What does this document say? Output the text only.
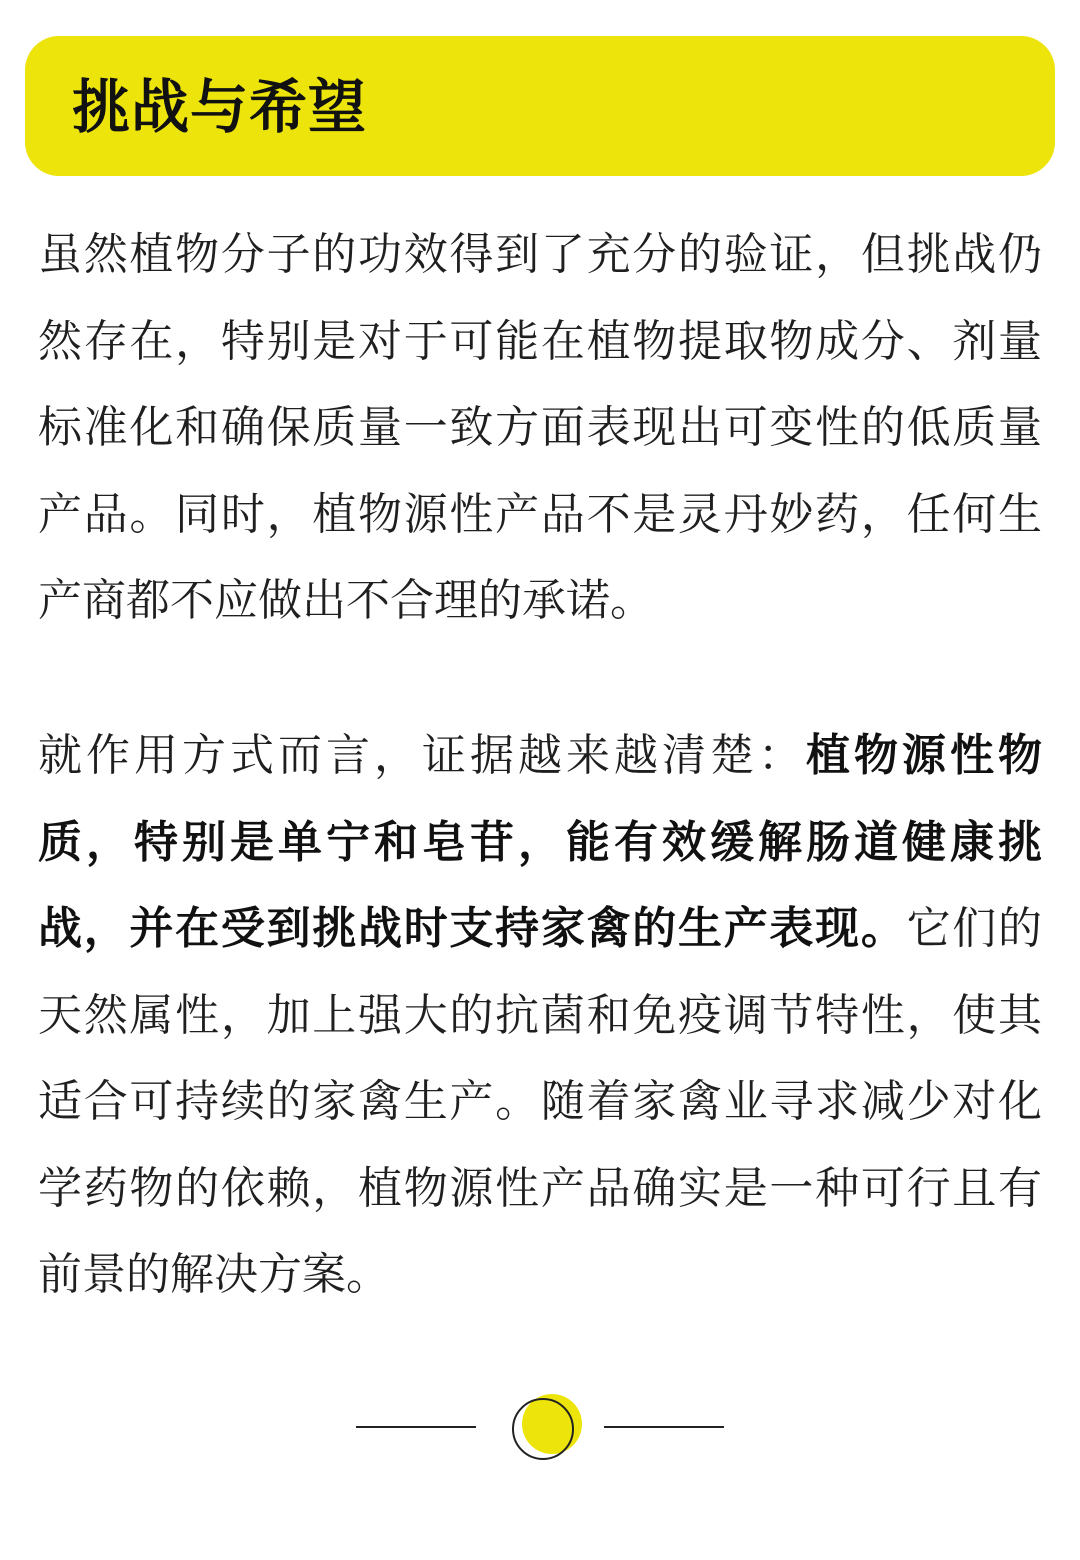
挑战与希望

虽然植物分子的功效得到了充分的验证，但挑战仍然存在，特别是对于可能在植物提取物成分、剂量标准化和确保质量一致方面表现出可变性的低质量产品。同时，植物源性产品不是灵丹妙药，任何生产商都不应做出不合理的承诺。

就作用方式而言，证据越来越清楚：植物源性物质，特别是单宁和皂苷，能有效缓解肠道健康挑战，并在受到挑战时支持家禽的生产表现。它们的天然属性，加上强大的抗菌和免疫调节特性，使其适合可持续的家禽生产。随着家禽业寻求减少对化学药物的依赖，植物源性产品确实是一种可行且有前景的解决方案。
